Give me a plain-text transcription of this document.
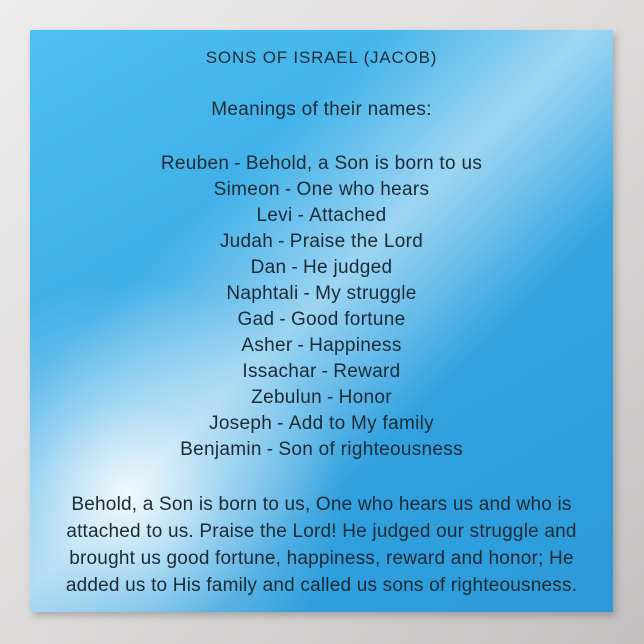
SONS OF ISRAEL (JACOB)
Meanings of their names:
Reuben - Behold, a Son is born to us
Simeon - One who hears
Levi - Attached
Judah - Praise the Lord
Dan - He judged
Naphtali - My struggle
Gad - Good fortune
Asher - Happiness
Issachar - Reward
Zebulun - Honor
Joseph - Add to My family
Benjamin - Son of righteousness
Behold, a Son is born to us, One who hears us and who is attached to us. Praise the Lord! He judged our struggle and brought us good fortune, happiness, reward and honor; He added us to His family and called us sons of righteousness.
